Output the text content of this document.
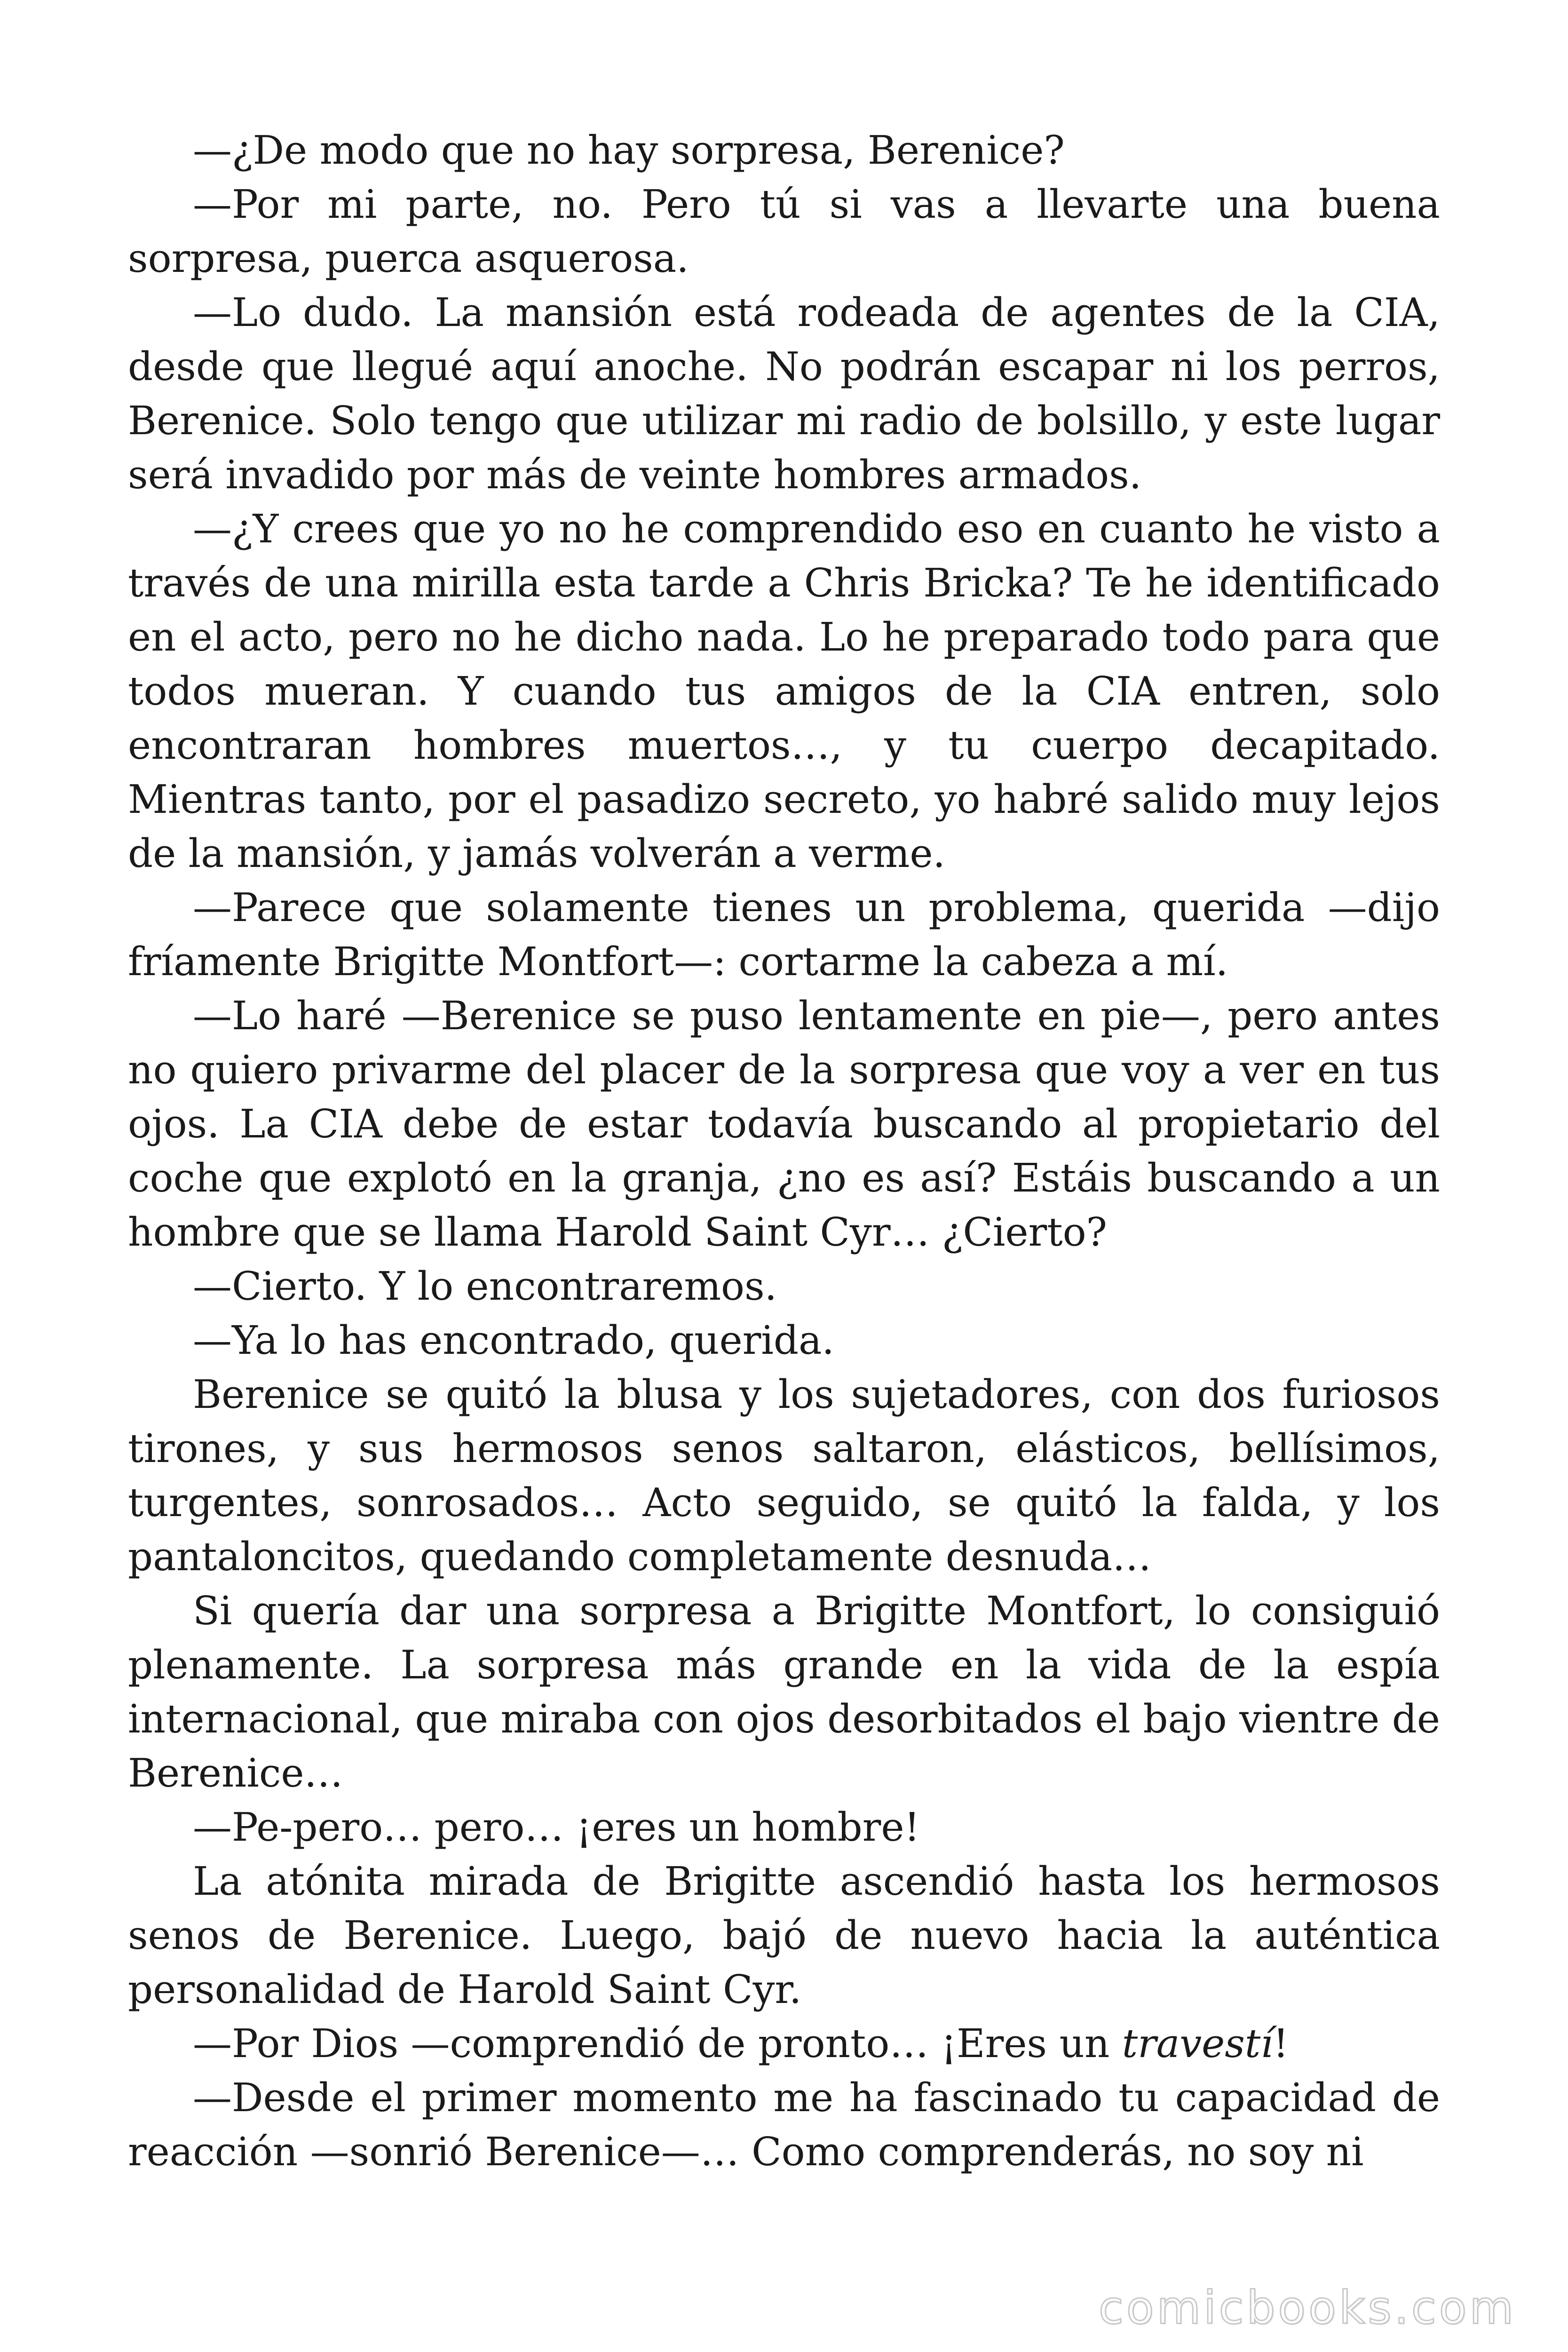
—¿De modo que no hay sorpresa, Berenice?

—Por mi parte, no. Pero tú si vas a llevarte una buena sorpresa, puerca asquerosa.

—Lo dudo. La mansión está rodeada de agentes de la CIA, desde que llegué aquí anoche. No podrán escapar ni los perros, Berenice. Solo tengo que utilizar mi radio de bolsillo, y este lugar será invadido por más de veinte hombres armados.

—¿Y crees que yo no he comprendido eso en cuanto he visto a través de una mirilla esta tarde a Chris Bricka? Te he identificado en el acto, pero no he dicho nada. Lo he preparado todo para que todos mueran. Y cuando tus amigos de la CIA entren, solo encontraran hombres muertos…, y tu cuerpo decapitado. Mientras tanto, por el pasadizo secreto, yo habré salido muy lejos de la mansión, y jamás volverán a verme.

—Parece que solamente tienes un problema, querida —dijo fríamente Brigitte Montfort—: cortarme la cabeza a mí.

—Lo haré —Berenice se puso lentamente en pie—, pero antes no quiero privarme del placer de la sorpresa que voy a ver en tus ojos. La CIA debe de estar todavía buscando al propietario del coche que explotó en la granja, ¿no es así? Estáis buscando a un hombre que se llama Harold Saint Cyr… ¿Cierto?

—Cierto. Y lo encontraremos.

—Ya lo has encontrado, querida.

Berenice se quitó la blusa y los sujetadores, con dos furiosos tirones, y sus hermosos senos saltaron, elásticos, bellísimos, turgentes, sonrosados… Acto seguido, se quitó la falda, y los pantaloncitos, quedando completamente desnuda…

Si quería dar una sorpresa a Brigitte Montfort, lo consiguió plenamente. La sorpresa más grande en la vida de la espía internacional, que miraba con ojos desorbitados el bajo vientre de Berenice…

—Pe-pero… pero… ¡eres un hombre!

La atónita mirada de Brigitte ascendió hasta los hermosos senos de Berenice. Luego, bajó de nuevo hacia la auténtica personalidad de Harold Saint Cyr.

—Por Dios —comprendió de pronto… ¡Eres un travestí!

—Desde el primer momento me ha fascinado tu capacidad de reacción —sonrió Berenice—… Como comprenderás, no soy ni

comicbooks.com
